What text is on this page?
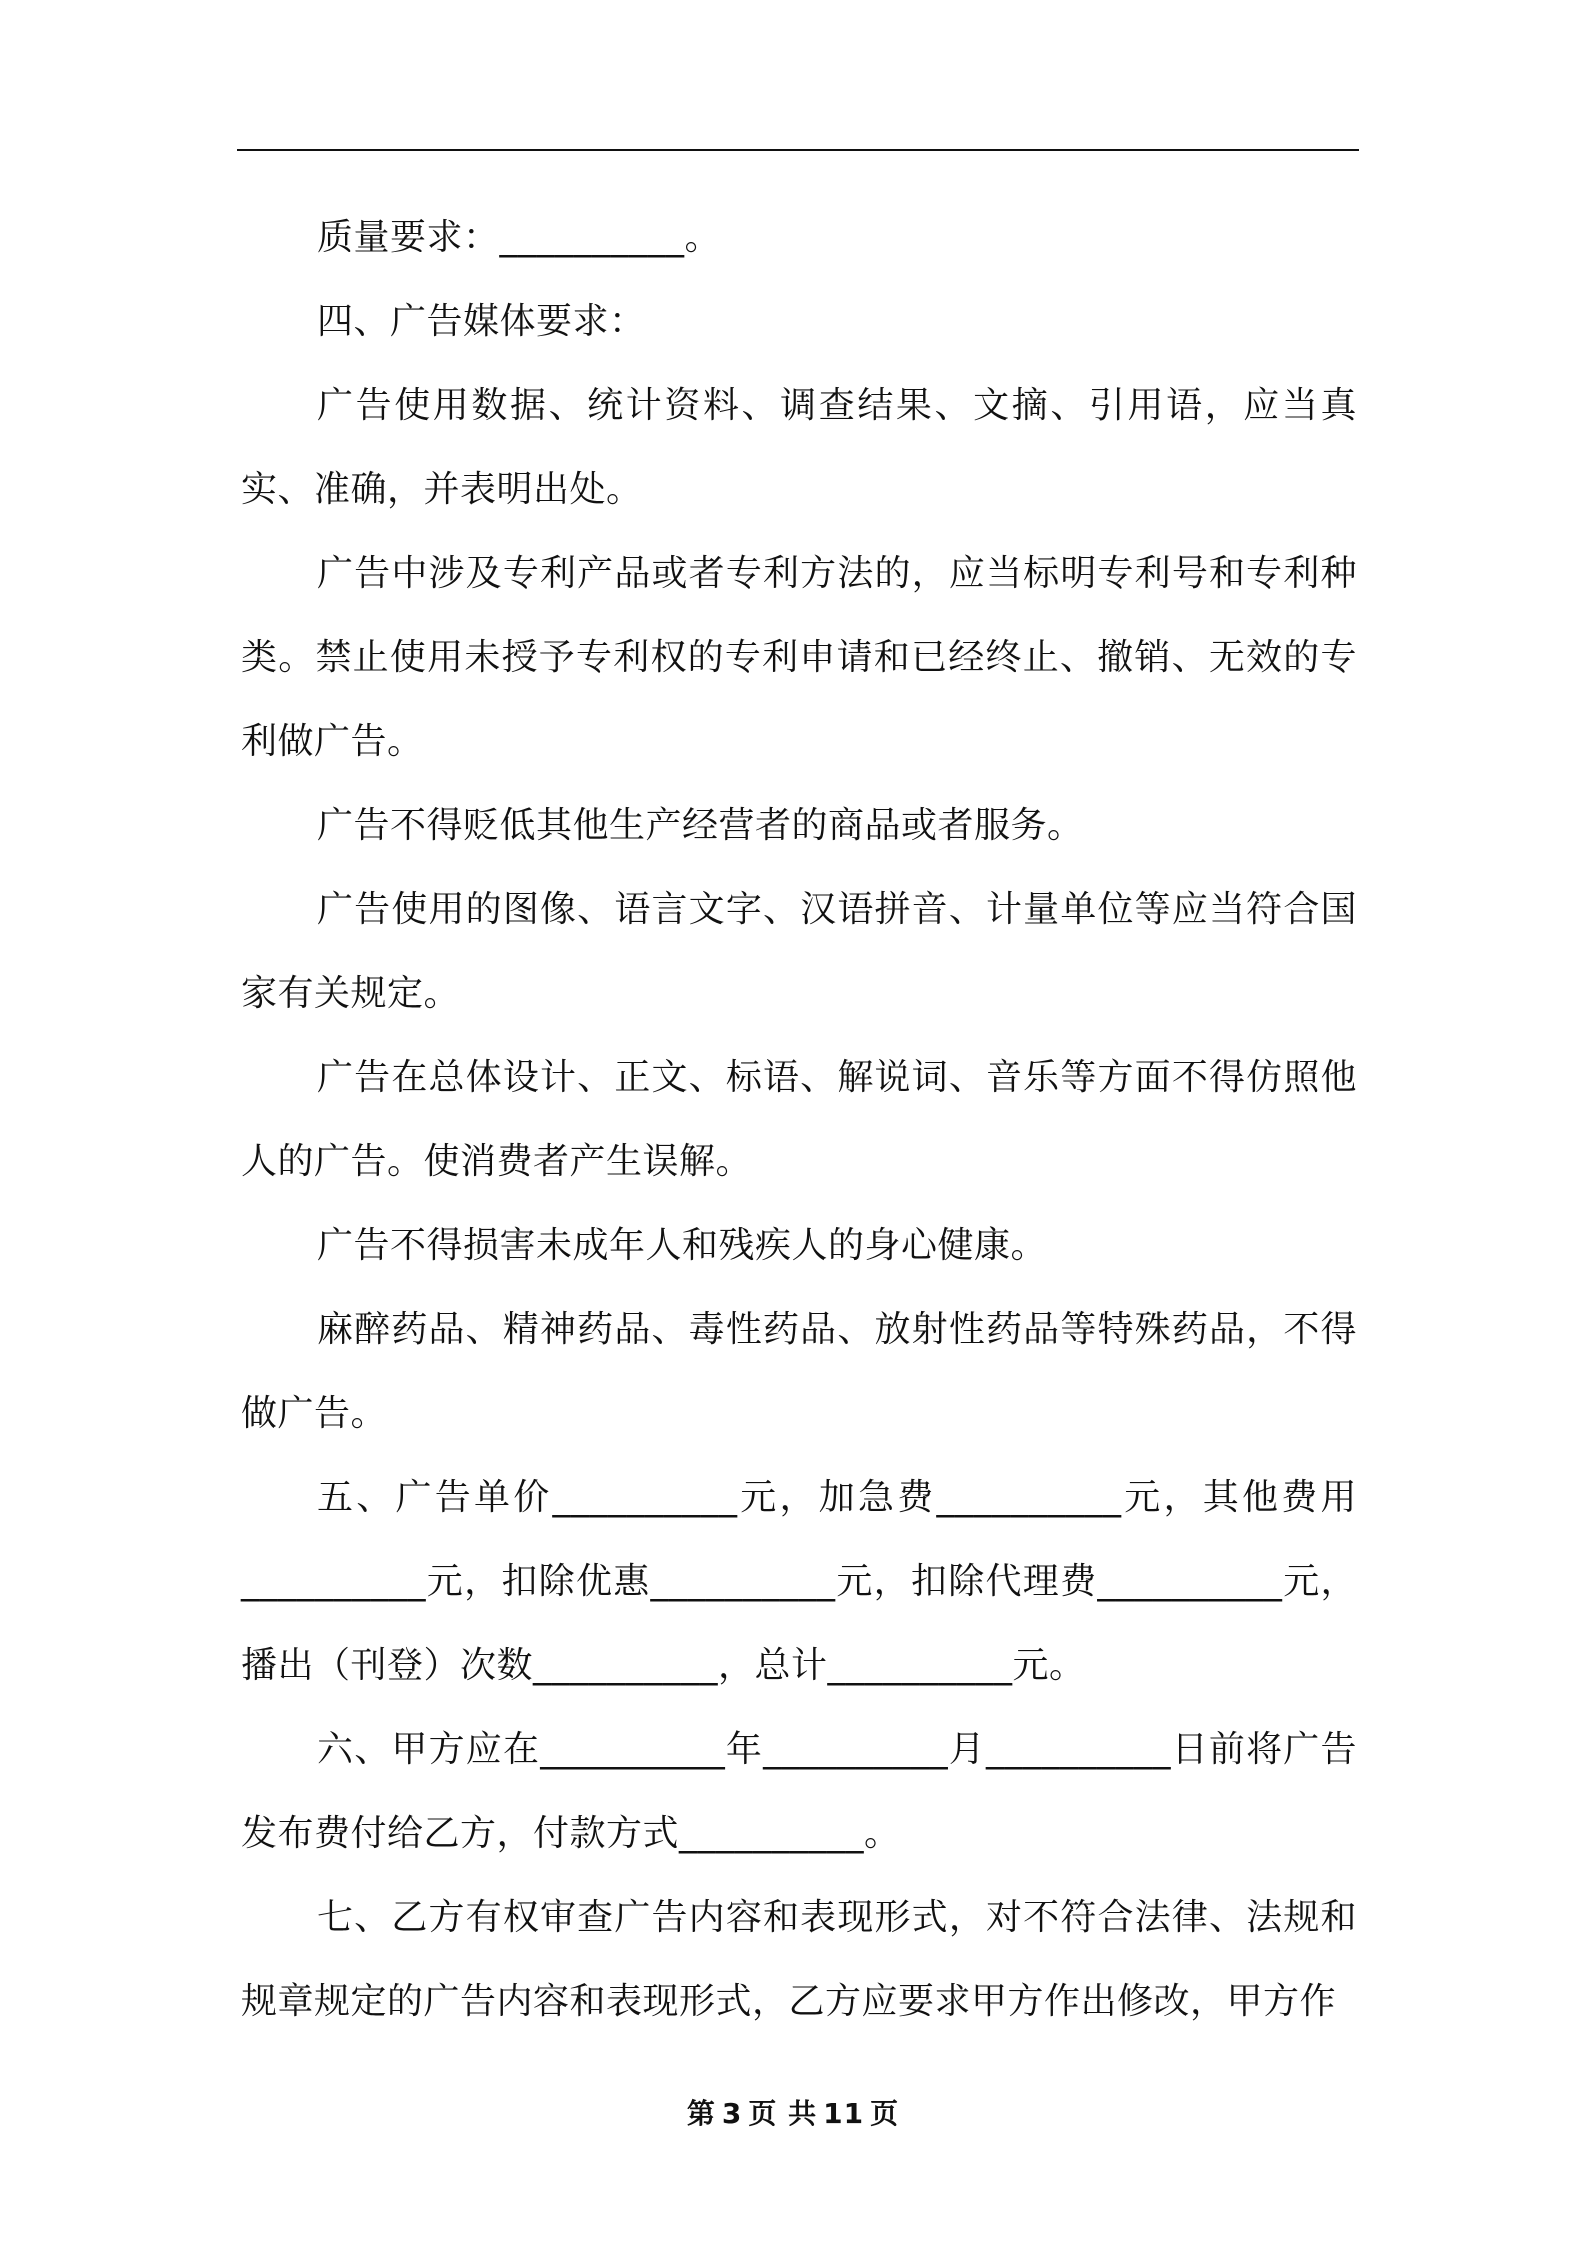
质量要求：__________。

四、广告媒体要求：

广告使用数据、统计资料、调查结果、文摘、引用语，应当真实、准确，并表明出处。

广告中涉及专利产品或者专利方法的，应当标明专利号和专利种类。禁止使用未授予专利权的专利申请和已经终止、撤销、无效的专利做广告。

广告不得贬低其他生产经营者的商品或者服务。

广告使用的图像、语言文字、汉语拼音、计量单位等应当符合国家有关规定。

广告在总体设计、正文、标语、解说词、音乐等方面不得仿照他人的广告。使消费者产生误解。

广告不得损害未成年人和残疾人的身心健康。

麻醉药品、精神药品、毒性药品、放射性药品等特殊药品，不得做广告。

五、广告单价__________元，加急费__________元，其他费用__________元，扣除优惠__________元，扣除代理费__________元，播出（刊登）次数__________，总计__________元。

六、甲方应在__________年__________月__________日前将广告发布费付给乙方，付款方式__________。

七、乙方有权审查广告内容和表现形式，对不符合法律、法规和规章规定的广告内容和表现形式，乙方应要求甲方作出修改，甲方作

第 3 页 共 11 页
